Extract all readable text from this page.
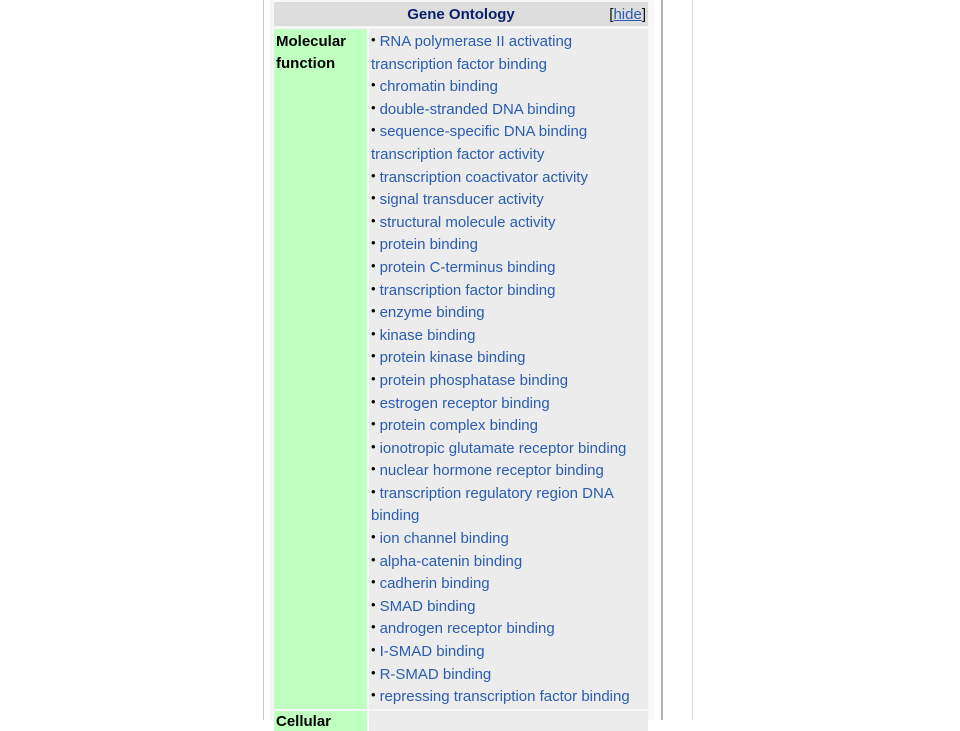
Gene Ontology	[hide]
Molecular function
• RNA polymerase II activating transcription factor binding
• chromatin binding
• double-stranded DNA binding
• sequence-specific DNA binding transcription factor activity
• transcription coactivator activity
• signal transducer activity
• structural molecule activity
• protein binding
• protein C-terminus binding
• transcription factor binding
• enzyme binding
• kinase binding
• protein kinase binding
• protein phosphatase binding
• estrogen receptor binding
• protein complex binding
• ionotropic glutamate receptor binding
• nuclear hormone receptor binding
• transcription regulatory region DNA binding
• ion channel binding
• alpha-catenin binding
• cadherin binding
• SMAD binding
• androgen receptor binding
• I-SMAD binding
• R-SMAD binding
• repressing transcription factor binding
Cellular
